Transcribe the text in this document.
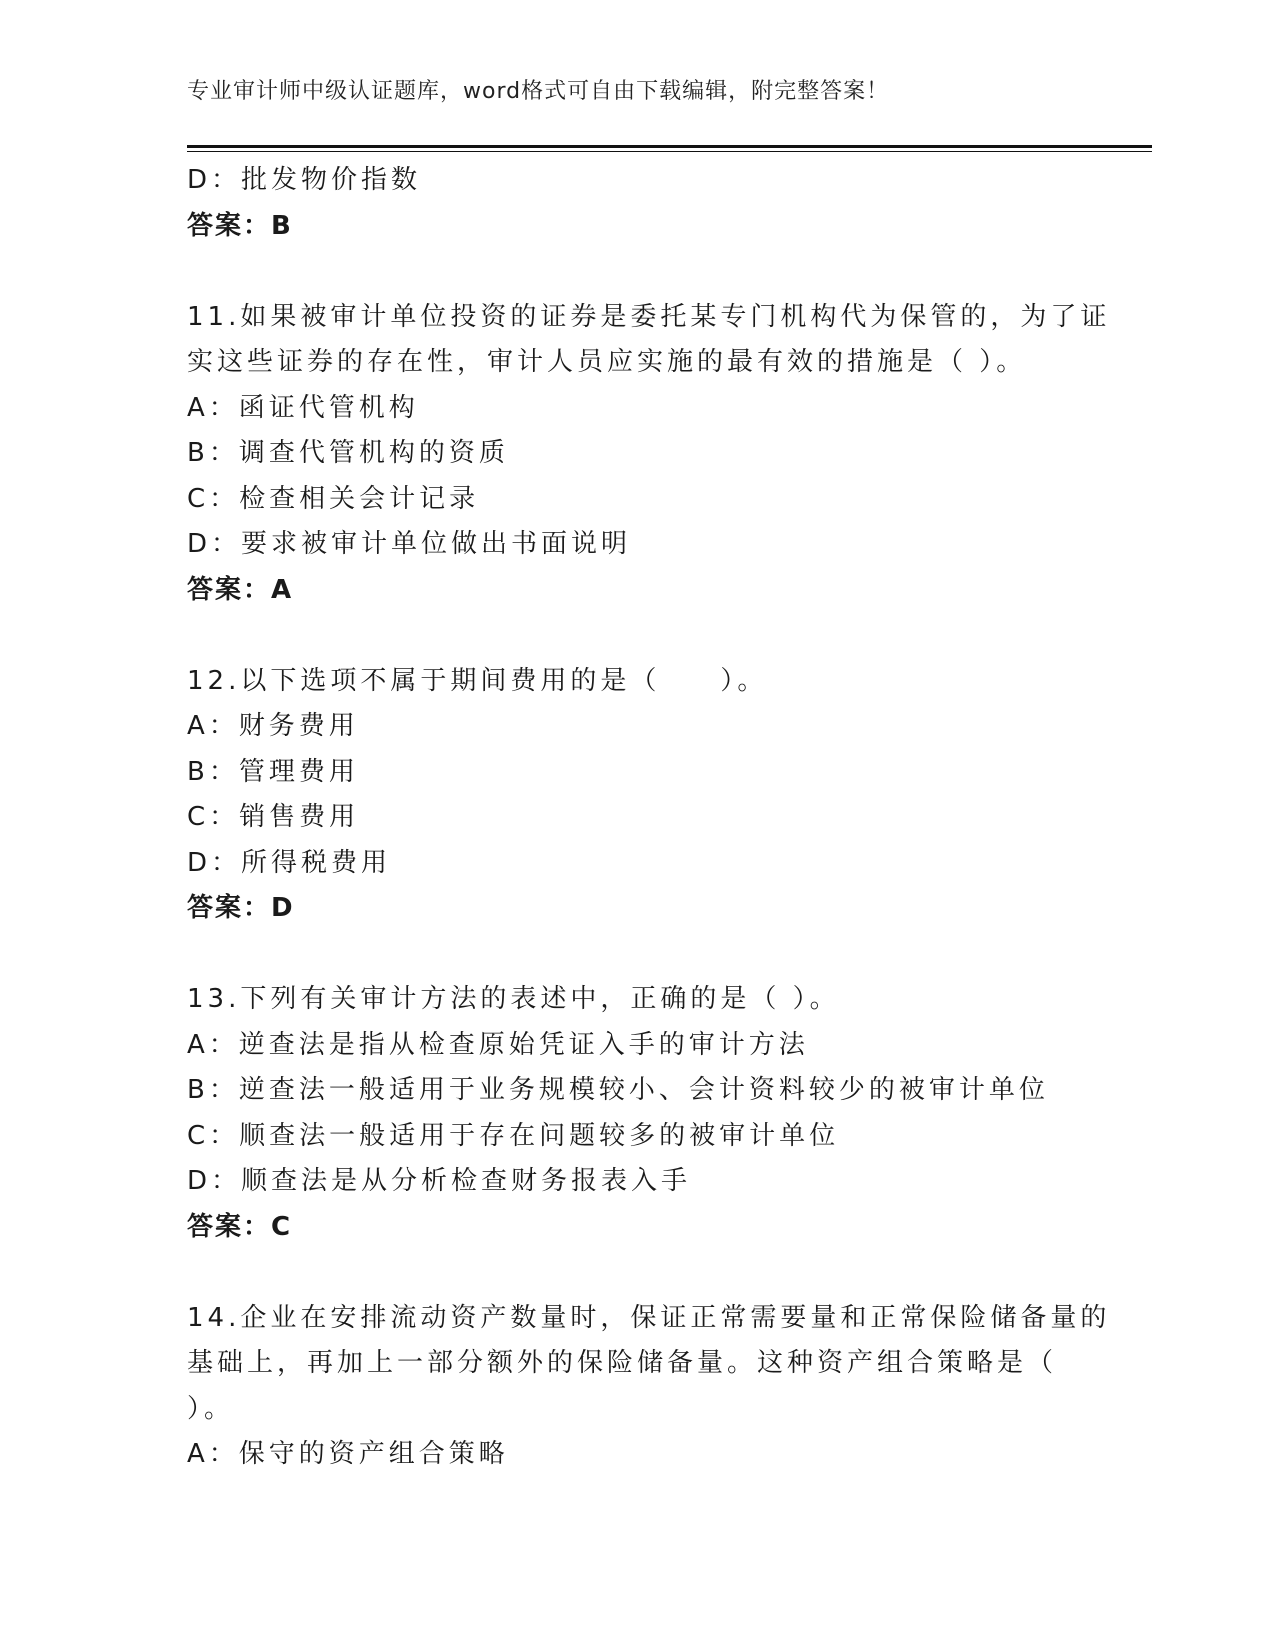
专业审计师中级认证题库，word格式可自由下载编辑，附完整答案！
D：批发物价指数
答案：B
11.如果被审计单位投资的证券是委托某专门机构代为保管的，为了证
实这些证券的存在性，审计人员应实施的最有效的措施是（ ）。
A：函证代管机构
B：调查代管机构的资质
C：检查相关会计记录
D：要求被审计单位做出书面说明
答案：A
12.以下选项不属于期间费用的是（　　）。
A：财务费用
B：管理费用
C：销售费用
D：所得税费用
答案：D
13.下列有关审计方法的表述中，正确的是（ ）。
A：逆查法是指从检查原始凭证入手的审计方法
B：逆查法一般适用于业务规模较小、会计资料较少的被审计单位
C：顺查法一般适用于存在问题较多的被审计单位
D：顺查法是从分析检查财务报表入手
答案：C
14.企业在安排流动资产数量时，保证正常需要量和正常保险储备量的
基础上，再加上一部分额外的保险储备量。这种资产组合策略是（
）。
A：保守的资产组合策略
